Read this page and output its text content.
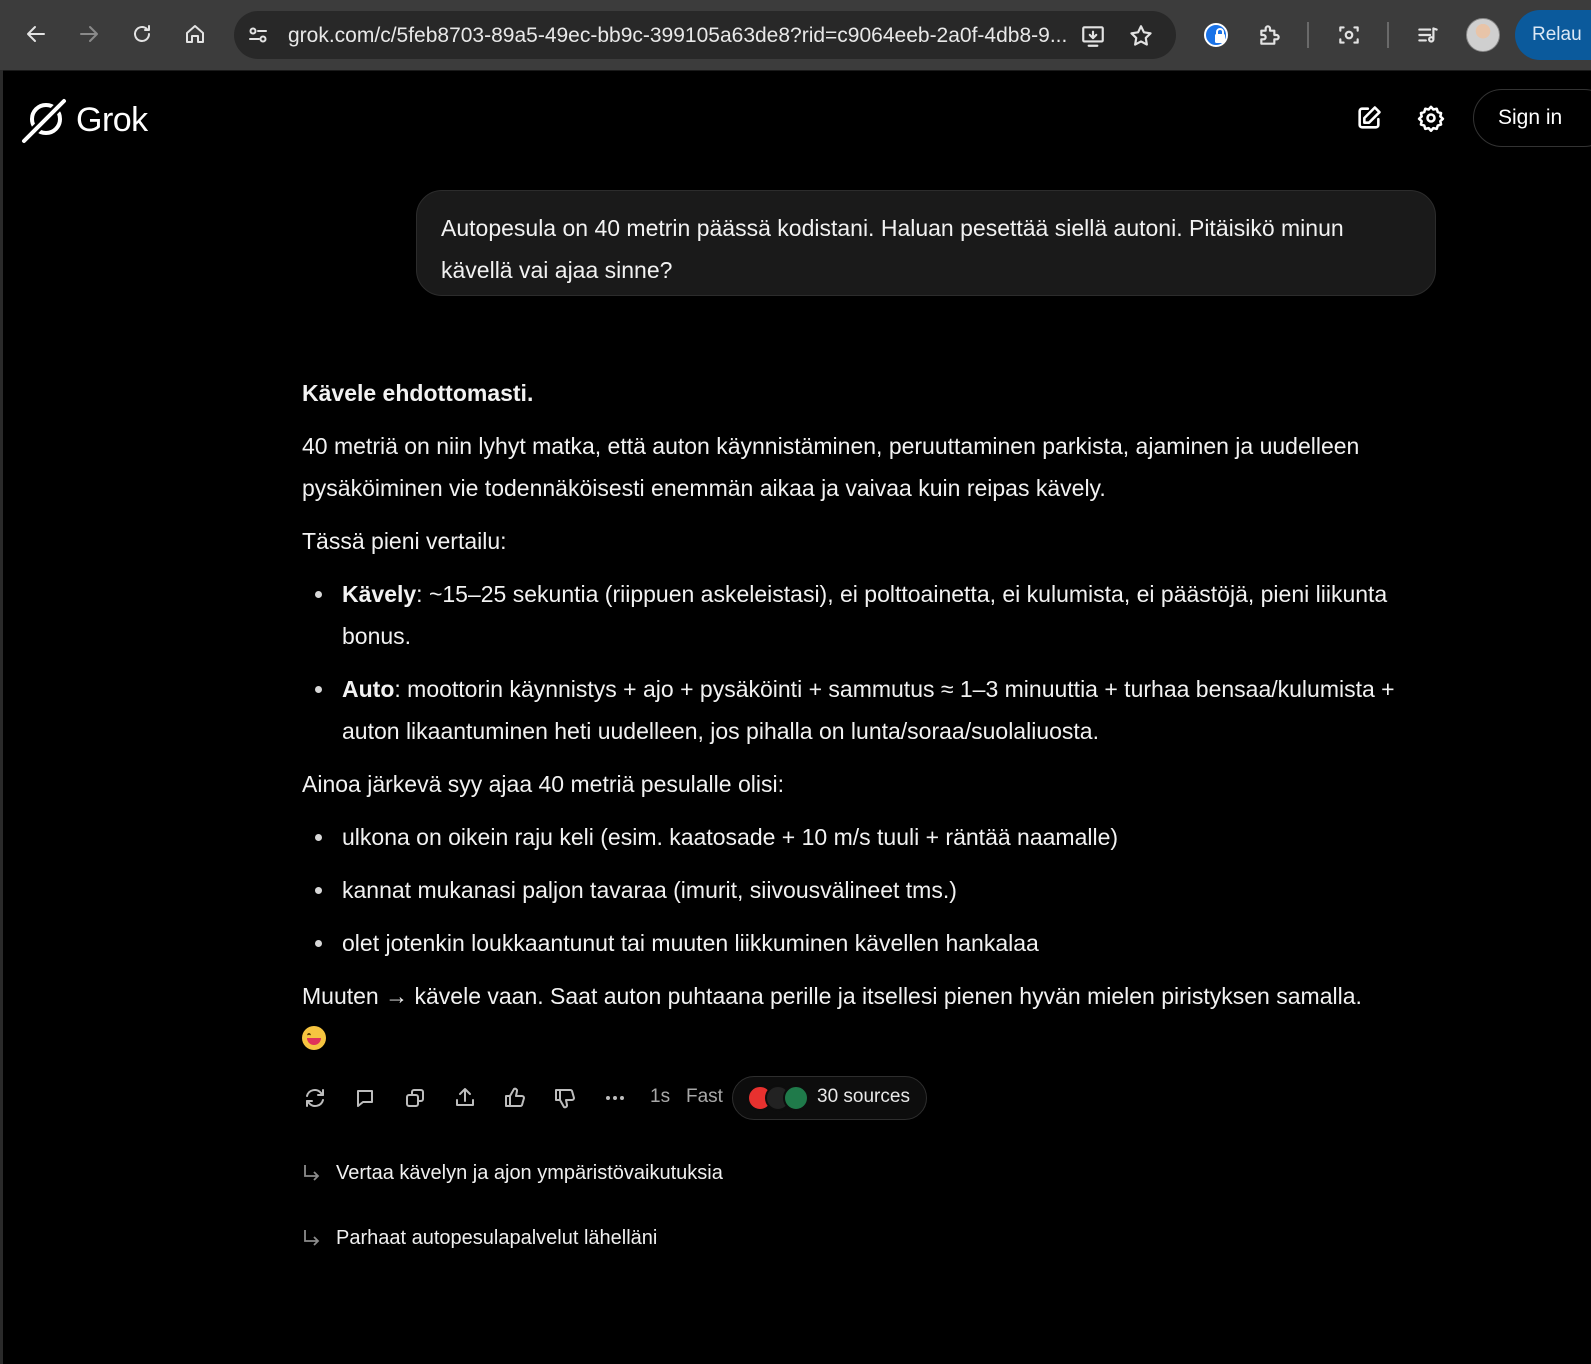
grok.com/c/5feb8703-89a5-49ec-bb9c-399105a63de8?rid=c9064eeb-2a0f-4db8-9...	Relau
Grok	Sign in
Autopesula on 40 metrin päässä kodistani. Haluan pesettää siellä autoni. Pitäisikö minun kävellä vai ajaa sinne?

Kävele ehdottomasti.

40 metriä on niin lyhyt matka, että auton käynnistäminen, peruuttaminen parkista, ajaminen ja uudelleen pysäköiminen vie todennäköisesti enemmän aikaa ja vaivaa kuin reipas kävely.

Tässä pieni vertailu:

Kävely: ~15–25 sekuntia (riippuen askeleistasi), ei polttoainetta, ei kulumista, ei päästöjä, pieni liikunta bonus.
Auto: moottorin käynnistys + ajo + pysäköinti + sammutus ≈ 1–3 minuuttia + turhaa bensaa/kulumista + auton likaantuminen heti uudelleen, jos pihalla on lunta/soraa/suolaliuosta.

Ainoa järkevä syy ajaa 40 metriä pesulalle olisi:

ulkona on oikein raju keli (esim. kaatosade + 10 m/s tuuli + räntää naamalle)
kannat mukanasi paljon tavaraa (imurit, siivousvälineet tms.)
olet jotenkin loukkaantunut tai muuten liikkuminen kävellen hankalaa

Muuten → kävele vaan. Saat auton puhtaana perille ja itsellesi pienen hyvän mielen piristyksen samalla.

1s Fast	30 sources
Vertaa kävelyn ja ajon ympäristövaikutuksia
Parhaat autopesulapalvelut lähelläni
